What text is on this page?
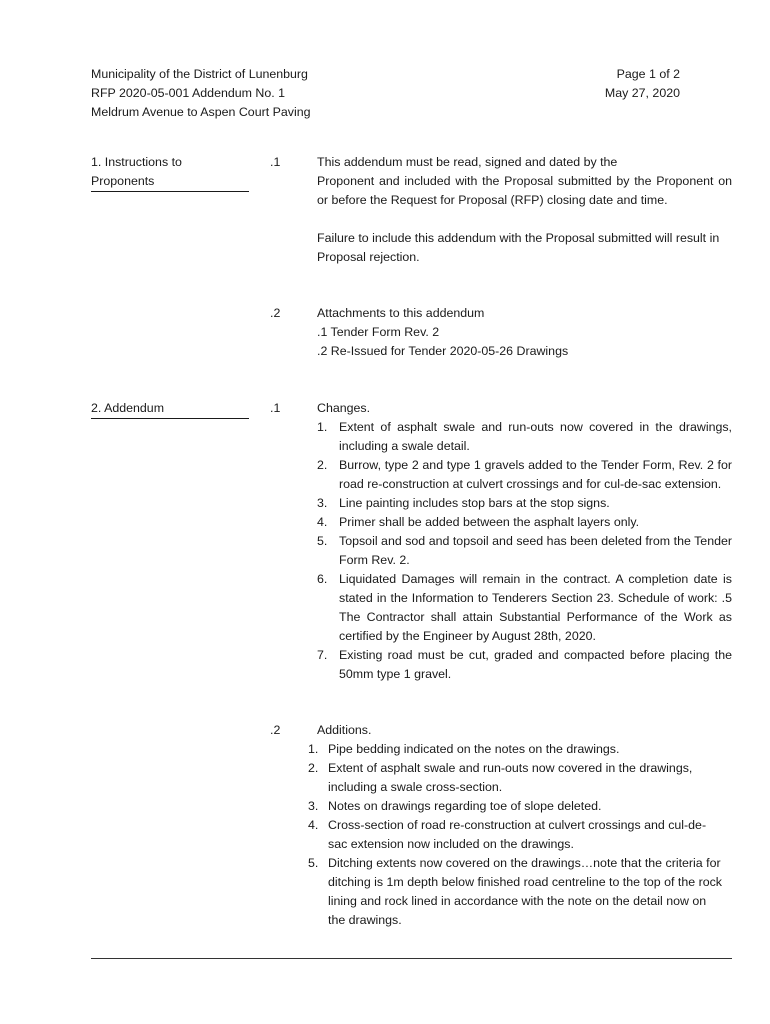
Municipality of the District of Lunenburg
RFP 2020-05-001 Addendum No. 1
Meldrum Avenue to Aspen Court Paving
Page 1 of 2
May 27, 2020
1. Instructions to
Proponents
.1	This addendum must be read, signed and dated by the

Proponent and included with the Proposal submitted by the Proponent on or before the Request for Proposal (RFP) closing date and time.

Failure to include this addendum with the Proposal submitted will result in Proposal rejection.

.2	Attachments to this addendum

.1 Tender Form Rev. 2

.2 Re-Issued for Tender 2020-05-26 Drawings

2. Addendum	.1	Changes.

1. Extent of asphalt swale and run-outs now covered in the drawings, including a swale detail.
2. Burrow, type 2 and type 1 gravels added to the Tender Form, Rev. 2 for road re-construction at culvert crossings and for cul-de-sac extension.
3. Line painting includes stop bars at the stop signs.
4. Primer shall be added between the asphalt layers only.
5. Topsoil and sod and topsoil and seed has been deleted from the Tender Form Rev. 2.
6. Liquidated Damages will remain in the contract. A completion date is stated in the Information to Tenderers Section 23. Schedule of work: .5 The Contractor shall attain Substantial Performance of the Work as certified by the Engineer by August 28th, 2020.
7. Existing road must be cut, graded and compacted before placing the 50mm type 1 gravel.
.2	Additions.

1. Pipe bedding indicated on the notes on the drawings.
2. Extent of asphalt swale and run-outs now covered in the drawings, including a swale cross-section.
3. Notes on drawings regarding toe of slope deleted.
4. Cross-section of road re-construction at culvert crossings and cul-de-sac extension now included on the drawings.
5. Ditching extents now covered on the drawings…note that the criteria for ditching is 1m depth below finished road centreline to the top of the rock lining and rock lined in accordance with the note on the detail now on the drawings.
